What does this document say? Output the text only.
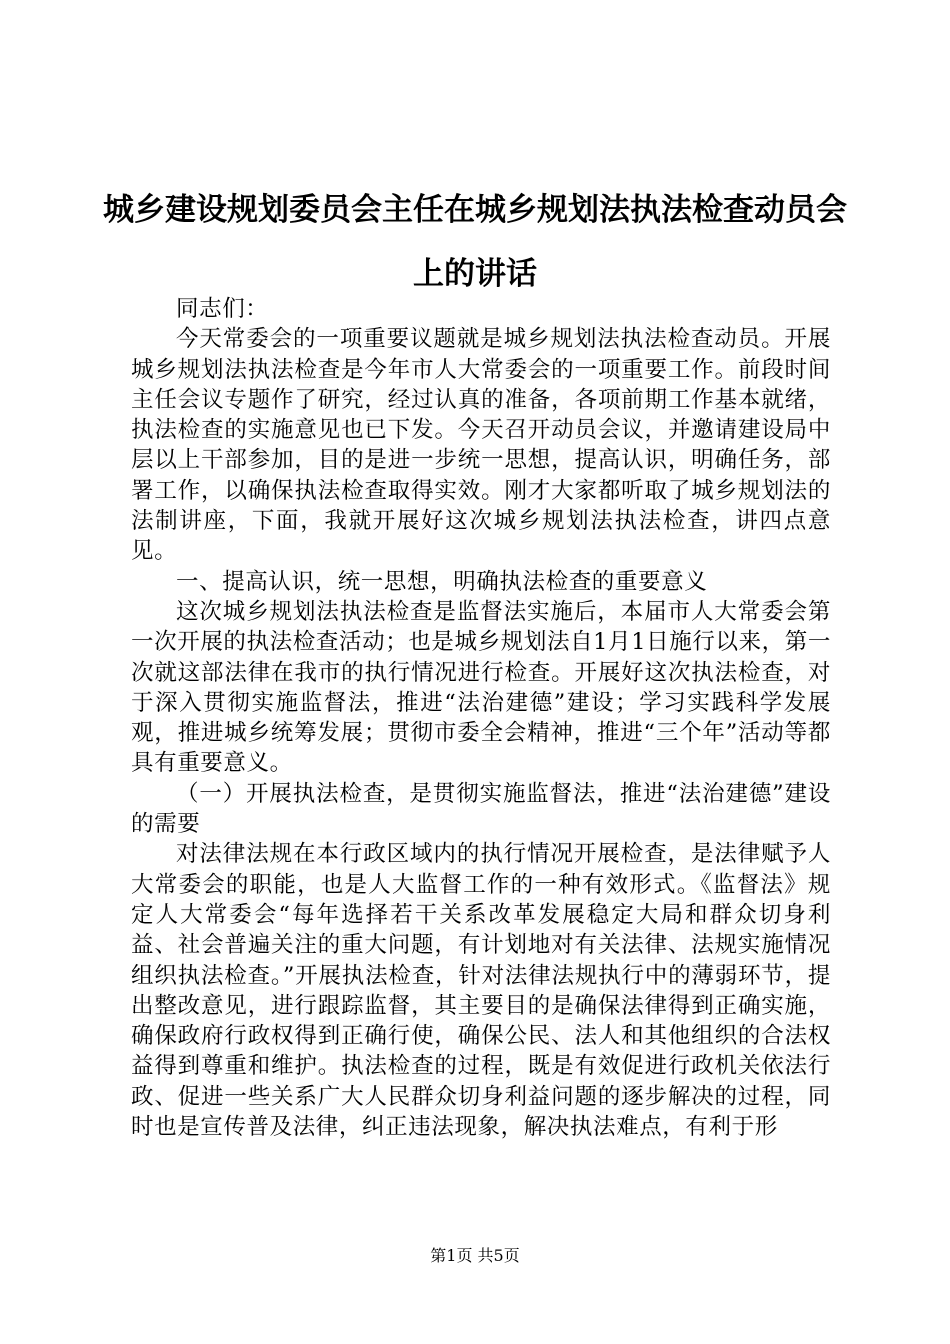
城乡建设规划委员会主任在城乡规划法执法检查动员会上的讲话

同志们：

今天常委会的一项重要议题就是城乡规划法执法检查动员。开展城乡规划法执法检查是今年市人大常委会的一项重要工作。前段时间主任会议专题作了研究，经过认真的准备，各项前期工作基本就绪，执法检查的实施意见也已下发。今天召开动员会议，并邀请建设局中层以上干部参加，目的是进一步统一思想，提高认识，明确任务，部署工作，以确保执法检查取得实效。刚才大家都听取了城乡规划法的法制讲座，下面，我就开展好这次城乡规划法执法检查，讲四点意见。

一、提高认识，统一思想，明确执法检查的重要意义

这次城乡规划法执法检查是监督法实施后，本届市人大常委会第一次开展的执法检查活动；也是城乡规划法自1月1日施行以来，第一次就这部法律在我市的执行情况进行检查。开展好这次执法检查，对于深入贯彻实施监督法，推进“法治建德”建设；学习实践科学发展观，推进城乡统筹发展；贯彻市委全会精神，推进“三个年”活动等都具有重要意义。

（一）开展执法检查，是贯彻实施监督法，推进“法治建德”建设的需要

对法律法规在本行政区域内的执行情况开展检查，是法律赋予人大常委会的职能，也是人大监督工作的一种有效形式。《监督法》规定人大常委会“每年选择若干关系改革发展稳定大局和群众切身利益、社会普遍关注的重大问题，有计划地对有关法律、法规实施情况组织执法检查。”开展执法检查，针对法律法规执行中的薄弱环节，提出整改意见，进行跟踪监督，其主要目的是确保法律得到正确实施，确保政府行政权得到正确行使，确保公民、法人和其他组织的合法权益得到尊重和维护。执法检查的过程，既是有效促进行政机关依法行政、促进一些关系广大人民群众切身利益问题的逐步解决的过程，同时也是宣传普及法律，纠正违法现象，解决执法难点，有利于形

第1页 共5页
